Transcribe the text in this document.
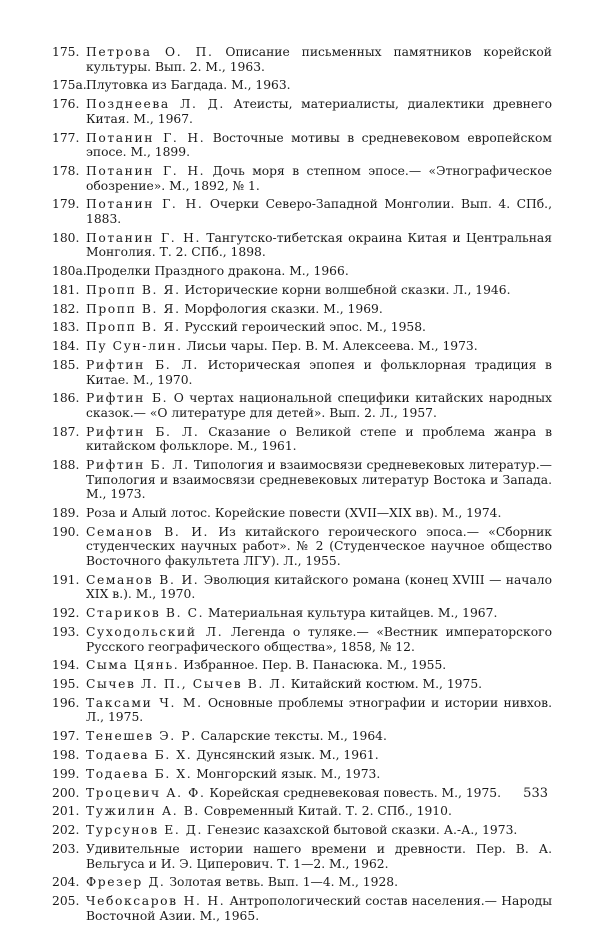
175. Петрова О. П. Описание письменных памятников корейской культуры. Вып. 2. М., 1963.
175а. Плутовка из Багдада. М., 1963.
176. Позднеева Л. Д. Атеисты, материалисты, диалектики древнего Китая. М., 1967.
177. Потанин Г. Н. Восточные мотивы в средневековом европейском эпосе. М., 1899.
178. Потанин Г. Н. Дочь моря в степном эпосе.— «Этнографическое обозрение». М., 1892, № 1.
179. Потанин Г. Н. Очерки Северо-Западной Монголии. Вып. 4. СПб., 1883.
180. Потанин Г. Н. Тангутско-тибетская окраина Китая и Центральная Монголия. Т. 2. СПб., 1898.
180а. Проделки Праздного дракона. М., 1966.
181. Пропп В. Я. Исторические корни волшебной сказки. Л., 1946.
182. Пропп В. Я. Морфология сказки. М., 1969.
183. Пропп В. Я. Русский героический эпос. М., 1958.
184. Пу Сун-лин. Лисьи чары. Пер. В. М. Алексеева. М., 1973.
185. Рифтин Б. Л. Историческая эпопея и фольклорная традиция в Китае. М., 1970.
186. Рифтин Б. О чертах национальной специфики китайских народных сказок.— «О литературе для детей». Вып. 2. Л., 1957.
187. Рифтин Б. Л. Сказание о Великой степе и проблема жанра в китайском фольклоре. М., 1961.
188. Рифтин Б. Л. Типология и взаимосвязи средневековых литератур.— Типология и взаимосвязи средневековых литератур Востока и Запада. М., 1973.
189. Роза и Алый лотос. Корейские повести (XVII—XIX вв). М., 1974.
190. Семанов В. И. Из китайского героического эпоса.— «Сборник студенческих научных работ». № 2 (Студенческое научное общество Восточного факультета ЛГУ). Л., 1955.
191. Семанов В. И. Эволюция китайского романа (конец XVIII — начало XIX в.). М., 1970.
192. Стариков В. С. Материальная культура китайцев. М., 1967.
193. Суходольский Л. Легенда о туляке.— «Вестник императорского Русского географического общества», 1858, № 12.
194. Сыма Цянь. Избранное. Пер. В. Панасюка. М., 1955.
195. Сычев Л. П., Сычев В. Л. Китайский костюм. М., 1975.
196. Таксами Ч. М. Основные проблемы этнографии и истории нивхов. Л., 1975.
197. Тенешев Э. Р. Саларские тексты. М., 1964.
198. Тодаева Б. Х. Дунсянский язык. М., 1961.
199. Тодаева Б. Х. Монгорский язык. М., 1973.
200. Троцевич А. Ф. Корейская средневековая повесть. М., 1975.
201. Тужилин А. В. Современный Китай. Т. 2. СПб., 1910.
202. Турсунов Е. Д. Генезис казахской бытовой сказки. А.-А., 1973.
203. Удивительные истории нашего времени и древности. Пер. В. А. Вельгуса и И. Э. Циперович. Т. 1—2. М., 1962.
204. Фрезер Д. Золотая ветвь. Вып. 1—4. М., 1928.
205. Чебоксаров Н. Н. Антропологический состав населения.— Народы Восточной Азии. М., 1965.
533
